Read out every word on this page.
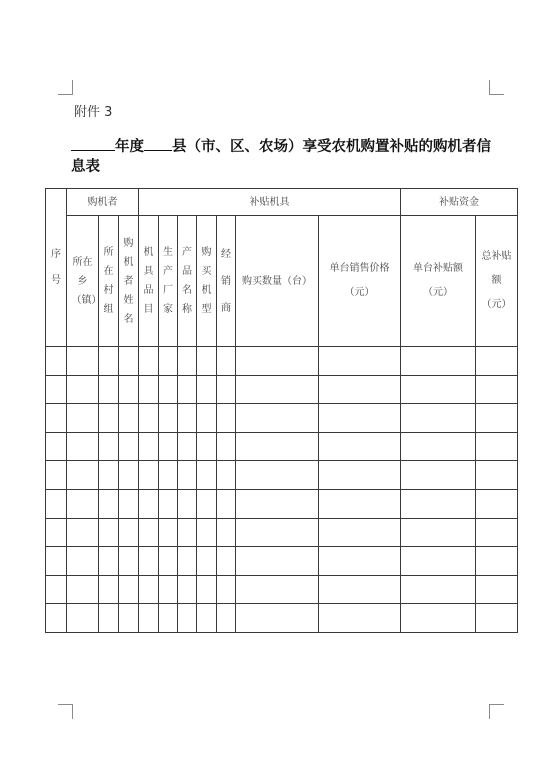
附件 3
年度 县（市、区、农场）享受农机购置补贴的购机者信息表
序号	购机者			补贴机具							补贴资金	
	所在乡（镇）	所在村组	购机者姓名	机具品目	生产厂家	产品名称	购买机型	经销商	购买数量（台）	单台销售价格（元）	单台补贴额（元）	总补贴额（元）
